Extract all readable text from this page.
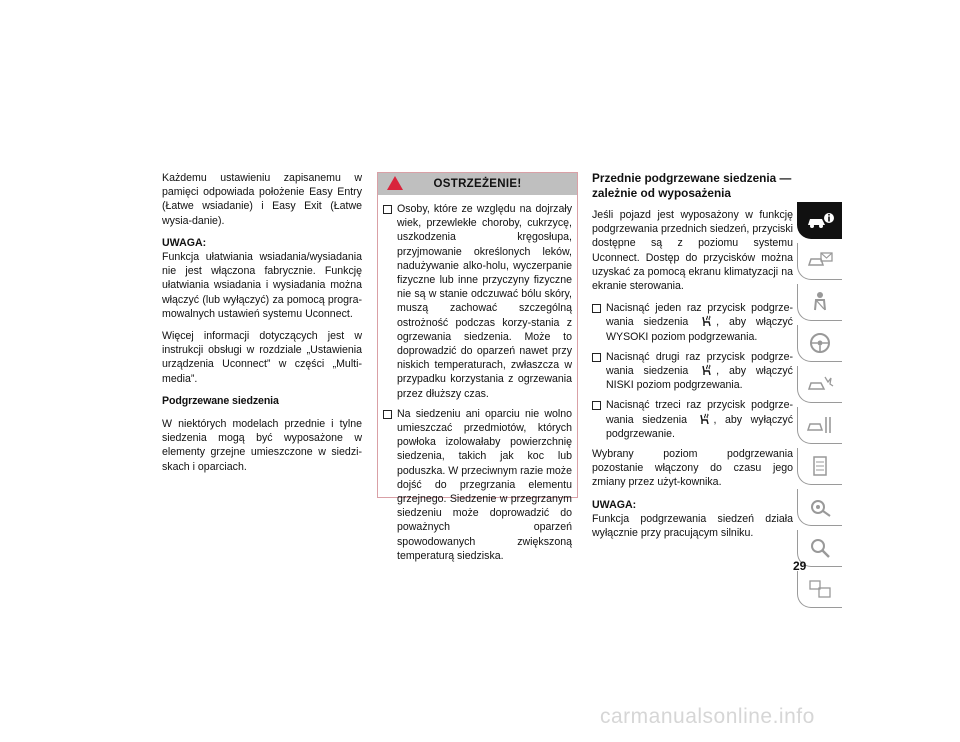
Każdemu ustawieniu zapisanemu w pamięci odpowiada położenie Easy Entry (Łatwe wsiadanie) i Easy Exit (Łatwe wysia-danie).

UWAGA:

Funkcja ułatwiania wsiadania/wysiadania nie jest włączona fabrycznie. Funkcję ułatwiania wsiadania i wysiadania można włączyć (lub wyłączyć) za pomocą progra-mowalnych ustawień systemu Uconnect.

Więcej informacji dotyczących jest w instrukcji obsługi w rozdziale „Ustawienia urządzenia Uconnect” w części „Multi-media”.

Podgrzewane siedzenia

W niektórych modelach przednie i tylne siedzenia mogą być wyposażone w elementy grzejne umieszczone w siedzi-skach i oparciach.

OSTRZEŻENIE!
Osoby, które ze względu na dojrzały wiek, przewlekłe choroby, cukrzycę, uszkodzenia kręgosłupa, przyjmowanie określonych leków, nadużywanie alko-holu, wyczerpanie fizyczne lub inne przyczyny fizyczne nie są w stanie odczuwać bólu skóry, muszą zachować szczególną ostrożność podczas korzy-stania z ogrzewania siedzenia. Może to doprowadzić do oparzeń nawet przy niskich temperaturach, zwłaszcza w przypadku korzystania z ogrzewania przez dłuższy czas.
Na siedzeniu ani oparciu nie wolno umieszczać przedmiotów, których powłoka izolowałaby powierzchnię siedzenia, takich jak koc lub poduszka. W przeciwnym razie może dojść do przegrzania elementu grzejnego. Siedzenie w przegrzanym siedzeniu może doprowadzić do poważnych oparzeń spowodowanych zwiększoną temperaturą siedziska.
Przednie podgrzewane siedzenia — zależnie od wyposażenia

Jeśli pojazd jest wyposażony w funkcję podgrzewania przednich siedzeń, przyciski dostępne są z poziomu systemu Uconnect. Dostęp do przycisków można uzyskać za pomocą ekranu klimatyzacji na ekranie sterowania.

Nacisnąć jeden raz przycisk podgrze-wania siedzenia	, aby włączyć WYSOKI poziom podgrzewania.
Nacisnąć drugi raz przycisk podgrze-wania siedzenia	, aby włączyć NISKI poziom podgrzewania.
Nacisnąć trzeci raz przycisk podgrze-wania siedzenia	, aby wyłączyć podgrzewanie.

Wybrany poziom podgrzewania pozostanie włączony do czasu jego zmiany przez użyt-kownika.

UWAGA:

Funkcja podgrzewania siedzeń działa wyłącznie przy pracującym silniku.

29
carmanualsonline.info
